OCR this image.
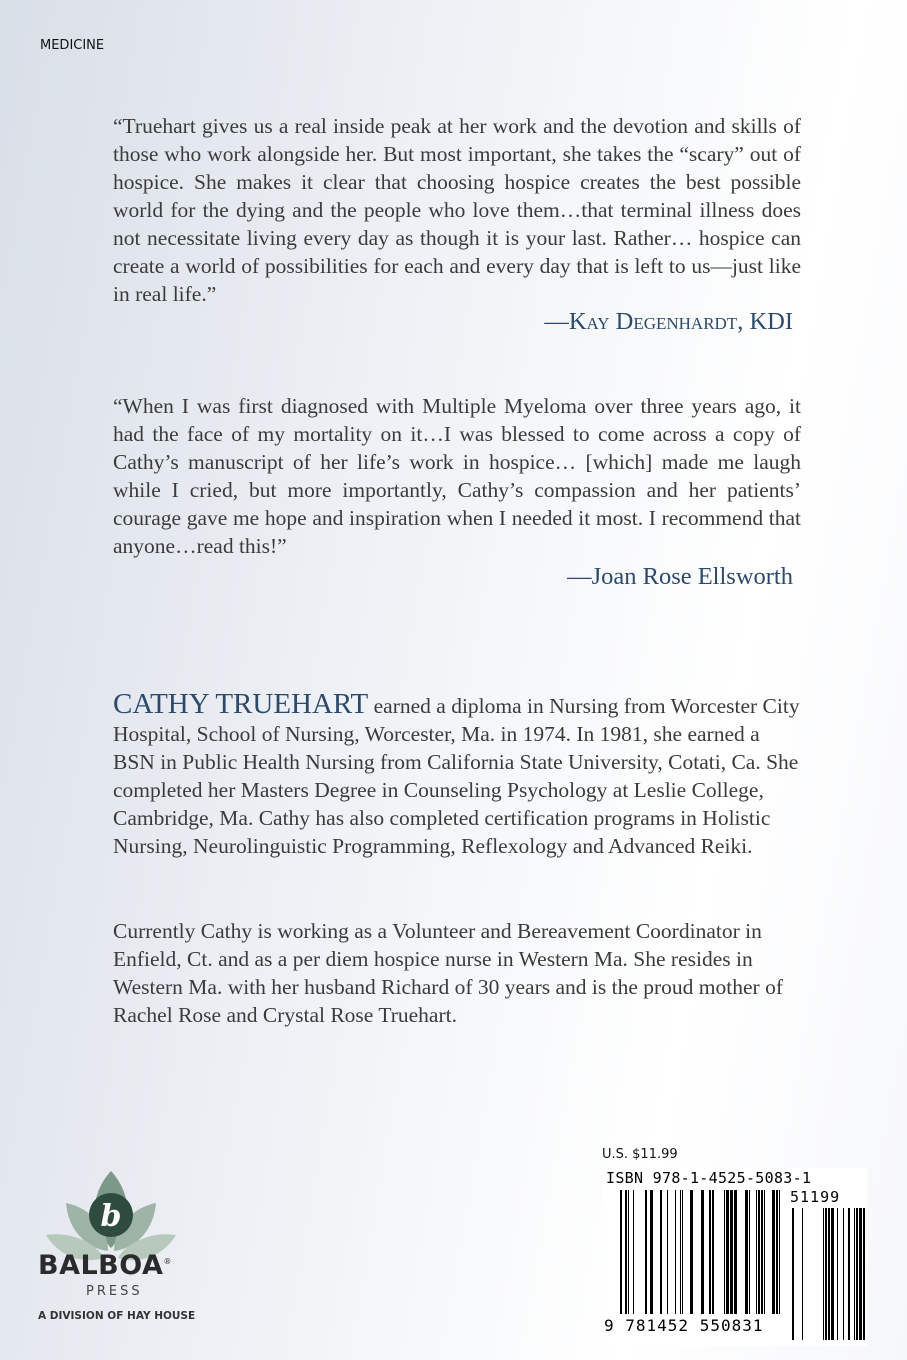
MEDICINE

“Truehart gives us a real inside peak at her work and the devotion and skills of those who work alongside her. But most important, she takes the “scary” out of hospice. She makes it clear that choosing hospice creates the best possible world for the dying and the people who love them…that terminal illness does not necessitate living every day as though it is your last. Rather… hospice can create a world of possibilities for each and every day that is left to us—just like in real life.”

—Kay Degenhardt, KDI

“When I was first diagnosed with Multiple Myeloma over three years ago, it had the face of my mortality on it…I was blessed to come across a copy of Cathy’s manuscript of her life’s work in hospice… [which] made me laugh while I cried, but more importantly, Cathy’s compassion and her patients’ courage gave me hope and inspiration when I needed it most. I recommend that anyone…read this!”

—Joan Rose Ellsworth

CATHY TRUEHART earned a diploma in Nursing from Worcester City Hospital, School of Nursing, Worcester, Ma. in 1974. In 1981, she earned a BSN in Public Health Nursing from California State University, Cotati, Ca. She completed her Masters Degree in Counseling Psychology at Leslie College, Cambridge, Ma. Cathy has also completed certification programs in Holistic Nursing, Neurolinguistic Programming, Reflexology and Advanced Reiki.

Currently Cathy is working as a Volunteer and Bereavement Coordinator in Enfield, Ct. and as a per diem hospice nurse in Western Ma. She resides in Western Ma. with her husband Richard of 30 years and is the proud mother of Rachel Rose and Crystal Rose Truehart.

b
BALBOA®
PRESS
A DIVISION OF HAY HOUSE
U.S. $11.99
ISBN 978-1-4525-5083-1
51199
9 781452 550831
